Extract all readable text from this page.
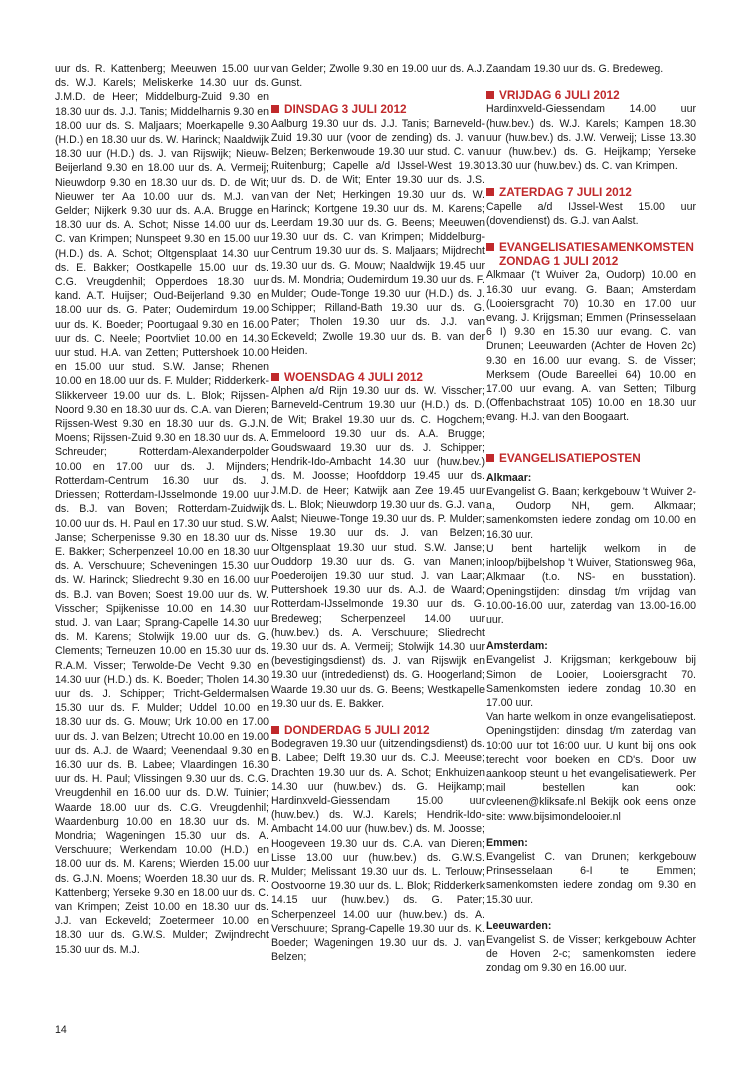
uur ds. R. Kattenberg; Meeuwen 15.00 uur ds. W.J. Karels; Meliskerke 14.30 uur ds. J.M.D. de Heer; Middelburg-Zuid 9.30 en 18.30 uur ds. J.J. Tanis; Middelharnis 9.30 en 18.00 uur ds. S. Maljaars; Moerkapelle 9.30 (H.D.) en 18.30 uur ds. W. Harinck; Naaldwijk 18.30 uur (H.D.) ds. J. van Rijswijk; Nieuw-Beijerland 9.30 en 18.00 uur ds. A. Vermeij; Nieuwdorp 9.30 en 18.30 uur ds. D. de Wit; Nieuwer ter Aa 10.00 uur ds. M.J. van Gelder; Nijkerk 9.30 uur ds. A.A. Brugge en 18.30 uur ds. A. Schot; Nisse 14.00 uur ds. C. van Krimpen; Nunspeet 9.30 en 15.00 uur (H.D.) ds. A. Schot; Oltgensplaat 14.30 uur ds. E. Bakker; Oostkapelle 15.00 uur ds. C.G. Vreugdenhil; Opperdoes 18.30 uur kand. A.T. Huijser; Oud-Beijerland 9.30 en 18.00 uur ds. G. Pater; Oudemirdum 19.00 uur ds. K. Boeder; Poortugaal 9.30 en 16.00 uur ds. C. Neele; Poortvliet 10.00 en 14.30 uur stud. H.A. van Zetten; Puttershoek 10.00 en 15.00 uur stud. S.W. Janse; Rhenen 10.00 en 18.00 uur ds. F. Mulder; Ridderkerk-Slikkerveer 19.00 uur ds. L. Blok; Rijssen-Noord 9.30 en 18.30 uur ds. C.A. van Dieren; Rijssen-West 9.30 en 18.30 uur ds. G.J.N. Moens; Rijssen-Zuid 9.30 en 18.30 uur ds. A. Schreuder; Rotterdam-Alexanderpolder 10.00 en 17.00 uur ds. J. Mijnders; Rotterdam-Centrum 16.30 uur ds. J. Driessen; Rotterdam-IJsselmonde 19.00 uur ds. B.J. van Boven; Rotterdam-Zuidwijk 10.00 uur ds. H. Paul en 17.30 uur stud. S.W. Janse; Scherpenisse 9.30 en 18.30 uur ds. E. Bakker; Scherpenzeel 10.00 en 18.30 uur ds. A. Verschuure; Scheveningen 15.30 uur ds. W. Harinck; Sliedrecht 9.30 en 16.00 uur ds. B.J. van Boven; Soest 19.00 uur ds. W. Visscher; Spijkenisse 10.00 en 14.30 uur stud. J. van Laar; Sprang-Capelle 14.30 uur ds. M. Karens; Stolwijk 19.00 uur ds. G. Clements; Terneuzen 10.00 en 15.30 uur ds. R.A.M. Visser; Terwolde-De Vecht 9.30 en 14.30 uur (H.D.) ds. K. Boeder; Tholen 14.30 uur ds. J. Schipper; Tricht-Geldermalsen 15.30 uur ds. F. Mulder; Uddel 10.00 en 18.30 uur ds. G. Mouw; Urk 10.00 en 17.00 uur ds. J. van Belzen; Utrecht 10.00 en 19.00 uur ds. A.J. de Waard; Veenendaal 9.30 en 16.30 uur ds. B. Labee; Vlaardingen 16.30 uur ds. H. Paul; Vlissingen 9.30 uur ds. C.G. Vreugdenhil en 16.00 uur ds. D.W. Tuinier; Waarde 18.00 uur ds. C.G. Vreugdenhil; Waardenburg 10.00 en 18.30 uur ds. M. Mondria; Wageningen 15.30 uur ds. A. Verschuure; Werkendam 10.00 (H.D.) en 18.00 uur ds. M. Karens; Wierden 15.00 uur ds. G.J.N. Moens; Woerden 18.30 uur ds. R. Kattenberg; Yerseke 9.30 en 18.00 uur ds. C. van Krimpen; Zeist 10.00 en 18.30 uur ds. J.J. van Eckeveld; Zoetermeer 10.00 en 18.30 uur ds. G.W.S. Mulder; Zwijndrecht 15.30 uur ds. M.J.

van Gelder; Zwolle 9.30 en 19.00 uur ds. A.J. Gunst.

DINSDAG 3 JULI 2012

Aalburg 19.30 uur ds. J.J. Tanis; Barneveld-Zuid 19.30 uur (voor de zending) ds. J. van Belzen; Berkenwoude 19.30 uur stud. C. van Ruitenburg; Capelle a/d IJssel-West 19.30 uur ds. D. de Wit; Enter 19.30 uur ds. J.S. van der Net; Herkingen 19.30 uur ds. W. Harinck; Kortgene 19.30 uur ds. M. Karens; Leerdam 19.30 uur ds. G. Beens; Meeuwen 19.30 uur ds. C. van Krimpen; Middelburg-Centrum 19.30 uur ds. S. Maljaars; Mijdrecht 19.30 uur ds. G. Mouw; Naaldwijk 19.45 uur ds. M. Mondria; Oudemirdum 19.30 uur ds. F. Mulder; Oude-Tonge 19.30 uur (H.D.) ds. J. Schipper; Rilland-Bath 19.30 uur ds. G. Pater; Tholen 19.30 uur ds. J.J. van Eckeveld; Zwolle 19.30 uur ds. B. van der Heiden.

WOENSDAG 4 JULI 2012

Alphen a/d Rijn 19.30 uur ds. W. Visscher; Barneveld-Centrum 19.30 uur (H.D.) ds. D. de Wit; Brakel 19.30 uur ds. C. Hogchem; Emmeloord 19.30 uur ds. A.A. Brugge; Goudswaard 19.30 uur ds. J. Schipper; Hendrik-Ido-Ambacht 14.30 uur (huw.bev.) ds. M. Joosse; Hoofddorp 19.45 uur ds. J.M.D. de Heer; Katwijk aan Zee 19.45 uur ds. L. Blok; Nieuwdorp 19.30 uur ds. G.J. van Aalst; Nieuwe-Tonge 19.30 uur ds. P. Mulder; Nisse 19.30 uur ds. J. van Belzen; Oltgensplaat 19.30 uur stud. S.W. Janse; Ouddorp 19.30 uur ds. G. van Manen; Poederoijen 19.30 uur stud. J. van Laar; Puttershoek 19.30 uur ds. A.J. de Waard; Rotterdam-IJsselmonde 19.30 uur ds. G. Bredeweg; Scherpenzeel 14.00 uur (huw.bev.) ds. A. Verschuure; Sliedrecht 19.30 uur ds. A. Vermeij; Stolwijk 14.30 uur (bevestigingsdienst) ds. J. van Rijswijk en 19.30 uur (intrededienst) ds. G. Hoogerland; Waarde 19.30 uur ds. G. Beens; Westkapelle 19.30 uur ds. E. Bakker.

DONDERDAG 5 JULI 2012

Bodegraven 19.30 uur (uitzendingsdienst) ds. B. Labee; Delft 19.30 uur ds. C.J. Meeuse; Drachten 19.30 uur ds. A. Schot; Enkhuizen 14.30 uur (huw.bev.) ds. G. Heijkamp; Hardinxveld-Giessendam 15.00 uur (huw.bev.) ds. W.J. Karels; Hendrik-Ido-Ambacht 14.00 uur (huw.bev.) ds. M. Joosse; Hoogeveen 19.30 uur ds. C.A. van Dieren; Lisse 13.00 uur (huw.bev.) ds. G.W.S. Mulder; Melissant 19.30 uur ds. L. Terlouw; Oostvoorne 19.30 uur ds. L. Blok; Ridderkerk 14.15 uur (huw.bev.) ds. G. Pater; Scherpenzeel 14.00 uur (huw.bev.) ds. A. Verschuure; Sprang-Capelle 19.30 uur ds. K. Boeder; Wageningen 19.30 uur ds. J. van Belzen;

Zaandam 19.30 uur ds. G. Bredeweg.

VRIJDAG 6 JULI 2012

Hardinxveld-Giessendam 14.00 uur (huw.bev.) ds. W.J. Karels; Kampen 18.30 uur (huw.bev.) ds. J.W. Verweij; Lisse 13.30 uur (huw.bev.) ds. G. Heijkamp; Yerseke 13.30 uur (huw.bev.) ds. C. van Krimpen.

ZATERDAG 7 JULI 2012

Capelle a/d IJssel-West 15.00 uur (dovendienst) ds. G.J. van Aalst.

EVANGELISATIESAMENKOMSTEN ZONDAG 1 JULI 2012

Alkmaar ('t Wuiver 2a, Oudorp) 10.00 en 16.30 uur evang. G. Baan; Amsterdam (Looiersgracht 70) 10.30 en 17.00 uur evang. J. Krijgsman; Emmen (Prinsesselaan 6 I) 9.30 en 15.30 uur evang. C. van Drunen; Leeuwarden (Achter de Hoven 2c) 9.30 en 16.00 uur evang. S. de Visser; Merksem (Oude Bareellei 64) 10.00 en 17.00 uur evang. A. van Setten; Tilburg (Offenbachstraat 105) 10.00 en 18.30 uur evang. H.J. van den Boogaart.

EVANGELISATIEPOSTEN
Alkmaar:

Evangelist G. Baan; kerkgebouw 't Wuiver 2-a, Oudorp NH, gem. Alkmaar; samenkomsten iedere zondag om 10.00 en 16.30 uur.

U bent hartelijk welkom in de inloop/bijbelshop 't Wuiver, Stationsweg 96a, Alkmaar (t.o. NS- en busstation). Openingstijden: dinsdag t/m vrijdag van 10.00-16.00 uur, zaterdag van 13.00-16.00 uur.

Amsterdam:

Evangelist J. Krijgsman; kerkgebouw bij Simon de Looier, Looiersgracht 70. Samenkomsten iedere zondag 10.30 en 17.00 uur.

Van harte welkom in onze evangelisatiepost. Openingstijden: dinsdag t/m zaterdag van 10:00 uur tot 16:00 uur. U kunt bij ons ook terecht voor boeken en CD's. Door uw aankoop steunt u het evangelisatiewerk. Per mail bestellen kan ook: cvleenen@kliksafe.nl Bekijk ook eens onze site: www.bijsimondelooier.nl

Emmen:

Evangelist C. van Drunen; kerkgebouw Prinsesselaan 6-I te Emmen; samenkomsten iedere zondag om 9.30 en 15.30 uur.

Leeuwarden:

Evangelist S. de Visser; kerkgebouw Achter de Hoven 2-c; samenkomsten iedere zondag om 9.30 en 16.00 uur.

14
